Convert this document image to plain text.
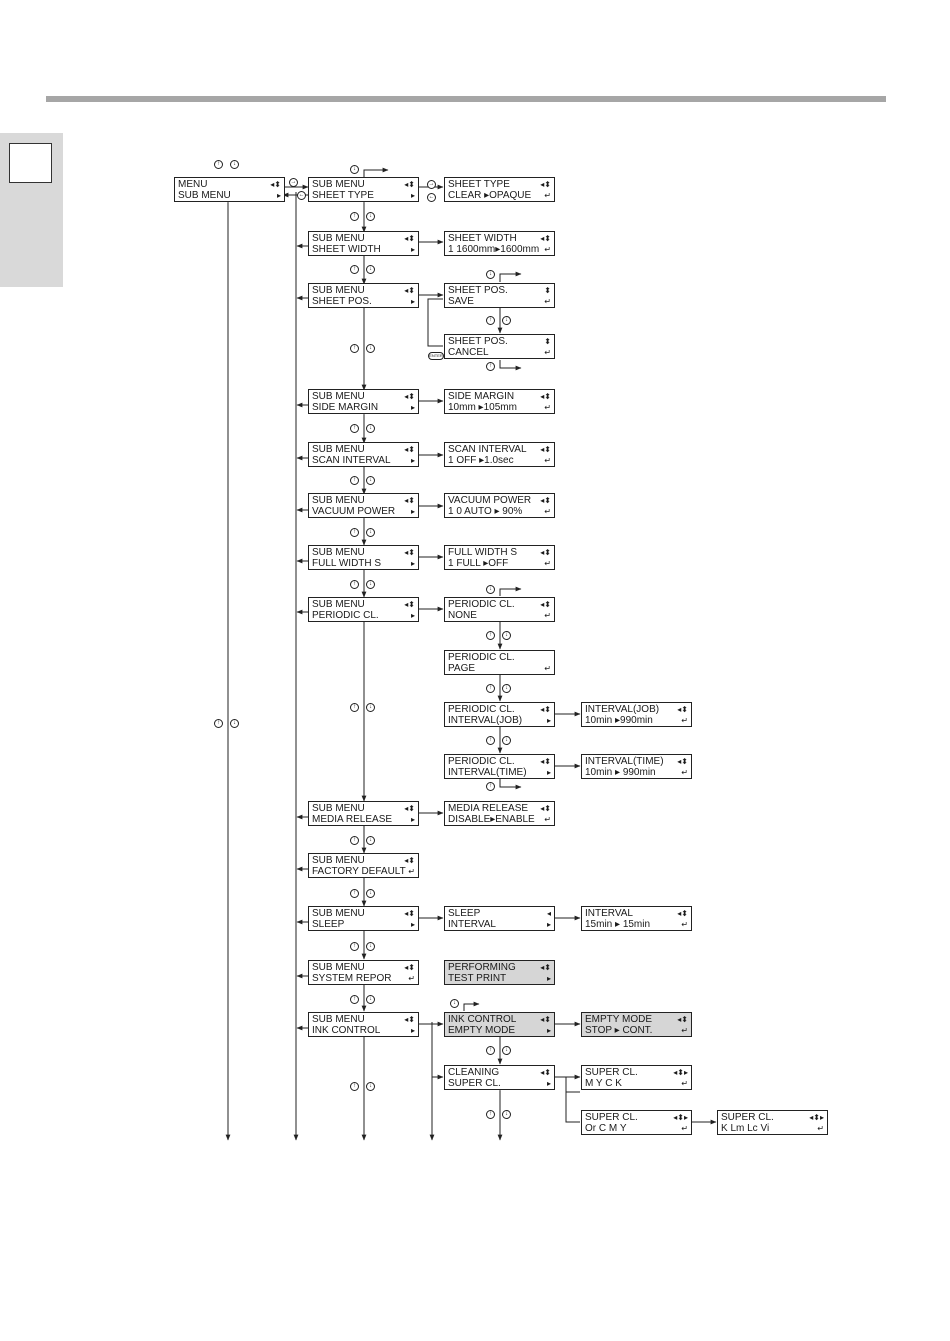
↑	↓
↑	↓
↓
→
←
→
←
↑	↓
↑	↓
↑	↓
↓
↑	↓
↑
ENTER
↑	↓
↑	↓
↑	↓
↑	↓
↑	↓
↓
↑	↓
↑	↓
↑	↓
↑
↑	↓
↑	↓
↑	↓
↑	↓
↑	↓
↓
↑	↓
↑	↓
MENU
SUB MENU
◂⬍
▸
SUB MENU
SHEET TYPE
◂⬍
▸
SHEET TYPE
CLEAR ▸OPAQUE
◂⬍
↵
SUB MENU
SHEET WIDTH
◂⬍
▸
SHEET WIDTH
1 1600mm▸1600mm
◂⬍
↵
SUB MENU
SHEET POS.
◂⬍
▸
SHEET POS.
SAVE
⬍
↵
SHEET POS.
CANCEL
⬍
↵
SUB MENU
SIDE MARGIN
◂⬍
▸
SIDE MARGIN
10mm ▸105mm
◂⬍
↵
SUB MENU
SCAN INTERVAL
◂⬍
▸
SCAN INTERVAL
1 OFF ▸1.0sec
◂⬍
↵
SUB MENU
VACUUM POWER
◂⬍
▸
VACUUM POWER
1 0 AUTO ▸ 90%
◂⬍
↵
SUB MENU
FULL WIDTH S
◂⬍
▸
FULL WIDTH S
1 FULL ▸OFF
◂⬍
↵
SUB MENU
PERIODIC CL.
◂⬍
▸
PERIODIC CL.
NONE
◂⬍
↵
PERIODIC CL.
PAGE	↵
PERIODIC CL.
INTERVAL(JOB)
◂⬍
▸
INTERVAL(JOB)
10min ▸990min
◂⬍
↵
PERIODIC CL.
INTERVAL(TIME)
◂⬍
▸
INTERVAL(TIME)
10min ▸ 990min
◂⬍
↵
SUB MENU
MEDIA RELEASE
◂⬍
▸
MEDIA RELEASE
DISABLE▸ENABLE
◂⬍
↵
SUB MENU
FACTORY DEFAULT
◂⬍
↵
SUB MENU
SLEEP
◂⬍
▸
SLEEP
INTERVAL
◂
▸
INTERVAL
15min ▸ 15min
◂⬍
↵
SUB MENU
SYSTEM REPOR
◂⬍
↵
PERFORMING
TEST PRINT
◂⬍
▸
SUB MENU
INK CONTROL
◂⬍
▸
INK CONTROL
EMPTY MODE
◂⬍
▸
EMPTY MODE
STOP ▸ CONT.
◂⬍
↵
CLEANING
SUPER CL.
◂⬍
▸
SUPER CL.
M Y C K
◂⬍▸
↵
SUPER CL.
Or C M Y
◂⬍▸
↵
SUPER CL.
K Lm Lc Vi
◂⬍▸
↵
